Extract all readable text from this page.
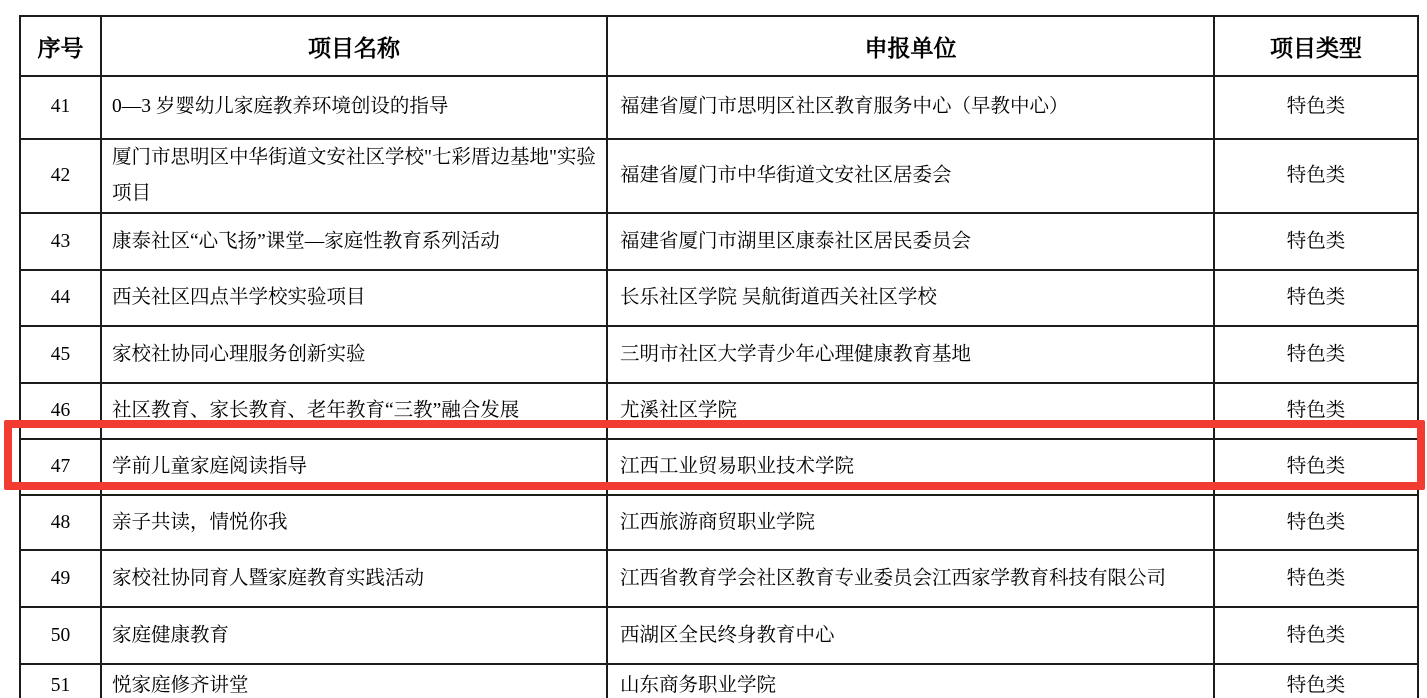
序号	项目名称	申报单位	项目类型
41	0—3 岁婴幼儿家庭教养环境创设的指导	福建省厦门市思明区社区教育服务中心（早教中心）	特色类
42	厦门市思明区中华街道文安社区学校"七彩厝边基地"实验项目	福建省厦门市中华街道文安社区居委会	特色类
43	康泰社区“心飞扬”课堂—家庭性教育系列活动	福建省厦门市湖里区康泰社区居民委员会	特色类
44	西关社区四点半学校实验项目	长乐社区学院 吴航街道西关社区学校	特色类
45	家校社协同心理服务创新实验	三明市社区大学青少年心理健康教育基地	特色类
46	社区教育、家长教育、老年教育“三教”融合发展	尤溪社区学院	特色类
47	学前儿童家庭阅读指导	江西工业贸易职业技术学院	特色类
48	亲子共读，情悦你我	江西旅游商贸职业学院	特色类
49	家校社协同育人暨家庭教育实践活动	江西省教育学会社区教育专业委员会江西家学教育科技有限公司	特色类
50	家庭健康教育	西湖区全民终身教育中心	特色类
51	悦家庭修齐讲堂	山东商务职业学院	特色类
